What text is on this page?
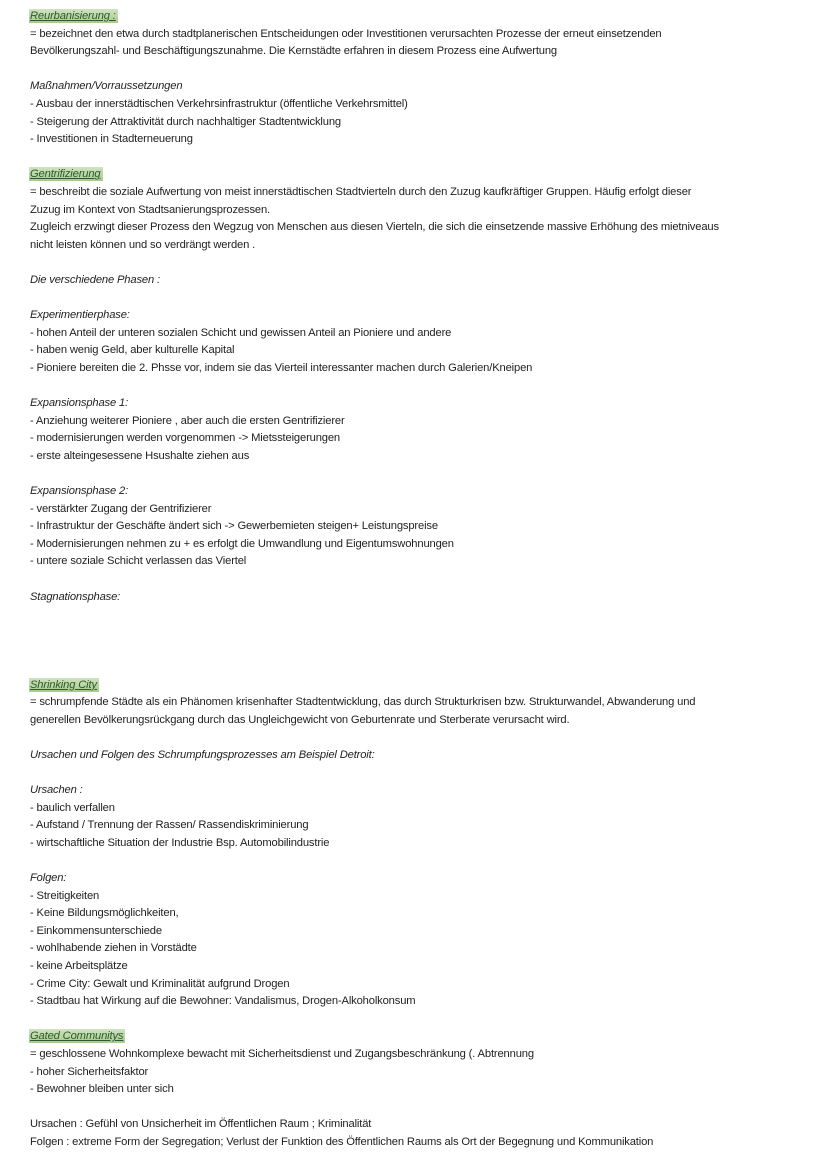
Reurbanisierung :
= bezeichnet den etwa durch stadtplanerischen Entscheidungen oder Investitionen verursachten Prozesse der erneut einsetzenden
Bevölkerungszahl- und Beschäftigungszunahme. Die Kernstädte erfahren in diesem Prozess eine Aufwertung
Maßnahmen/Vorraussetzungen
- Ausbau der innerstädtischen Verkehrsinfrastruktur (öffentliche Verkehrsmittel)
- Steigerung der Attraktivität durch nachhaltiger Stadtentwicklung
- Investitionen in Stadterneuerung
Gentrifizierung
= beschreibt die soziale Aufwertung von meist innerstädtischen Stadtvierteln durch den Zuzug kaufkräftiger Gruppen. Häufig erfolgt dieser
Zuzug im Kontext von Stadtsanierungsprozessen.
Zugleich erzwingt dieser Prozess den Wegzug von Menschen aus diesen Vierteln, die sich die einsetzende massive Erhöhung des mietniveaus
nicht leisten können und so verdrängt werden .
Die verschiedene Phasen :
Experimentierphase:
- hohen Anteil der unteren sozialen Schicht und gewissen Anteil an Pioniere und andere
- haben wenig Geld, aber kulturelle Kapital
- Pioniere bereiten die 2. Phsse vor, indem sie das Vierteil interessanter machen durch Galerien/Kneipen
Expansionsphase 1:
- Anziehung weiterer Pioniere , aber auch die ersten Gentrifizierer
- modernisierungen werden vorgenommen -> Mietssteigerungen
- erste alteingesessene Hsushalte ziehen aus
Expansionsphase 2:
- verstärkter Zugang der Gentrifizierer
- Infrastruktur der Geschäfte ändert sich -> Gewerbemieten steigen+ Leistungspreise
- Modernisierungen nehmen zu + es erfolgt die Umwandlung und Eigentumswohnungen
- untere soziale Schicht verlassen das Viertel
Stagnationsphase:
Shrinking City
= schrumpfende Städte als ein Phänomen krisenhafter Stadtentwicklung, das durch Strukturkrisen bzw. Strukturwandel, Abwanderung und
generellen Bevölkerungsrückgang durch das Ungleichgewicht von Geburtenrate und Sterberate verursacht wird.
Ursachen und Folgen des Schrumpfungsprozesses am Beispiel Detroit:
Ursachen :
- baulich verfallen
- Aufstand / Trennung der Rassen/ Rassendiskriminierung
- wirtschaftliche Situation der Industrie Bsp. Automobilindustrie
Folgen:
- Streitigkeiten
- Keine Bildungsmöglichkeiten,
- Einkommensunterschiede
- wohlhabende ziehen in Vorstädte
- keine Arbeitsplätze
- Crime City: Gewalt und Kriminalität aufgrund Drogen
- Stadtbau hat Wirkung auf die Bewohner: Vandalismus, Drogen-Alkoholkonsum
Gated Communitys
= geschlossene Wohnkomplexe bewacht mit Sicherheitsdienst und Zugangsbeschränkung (. Abtrennung
- hoher Sicherheitsfaktor
- Bewohner bleiben unter sich
Ursachen : Gefühl von Unsicherheit im Öffentlichen Raum ; Kriminalität
Folgen : extreme Form der Segregation; Verlust der Funktion des Öffentlichen Raums als Ort der Begegnung und Kommunikation
